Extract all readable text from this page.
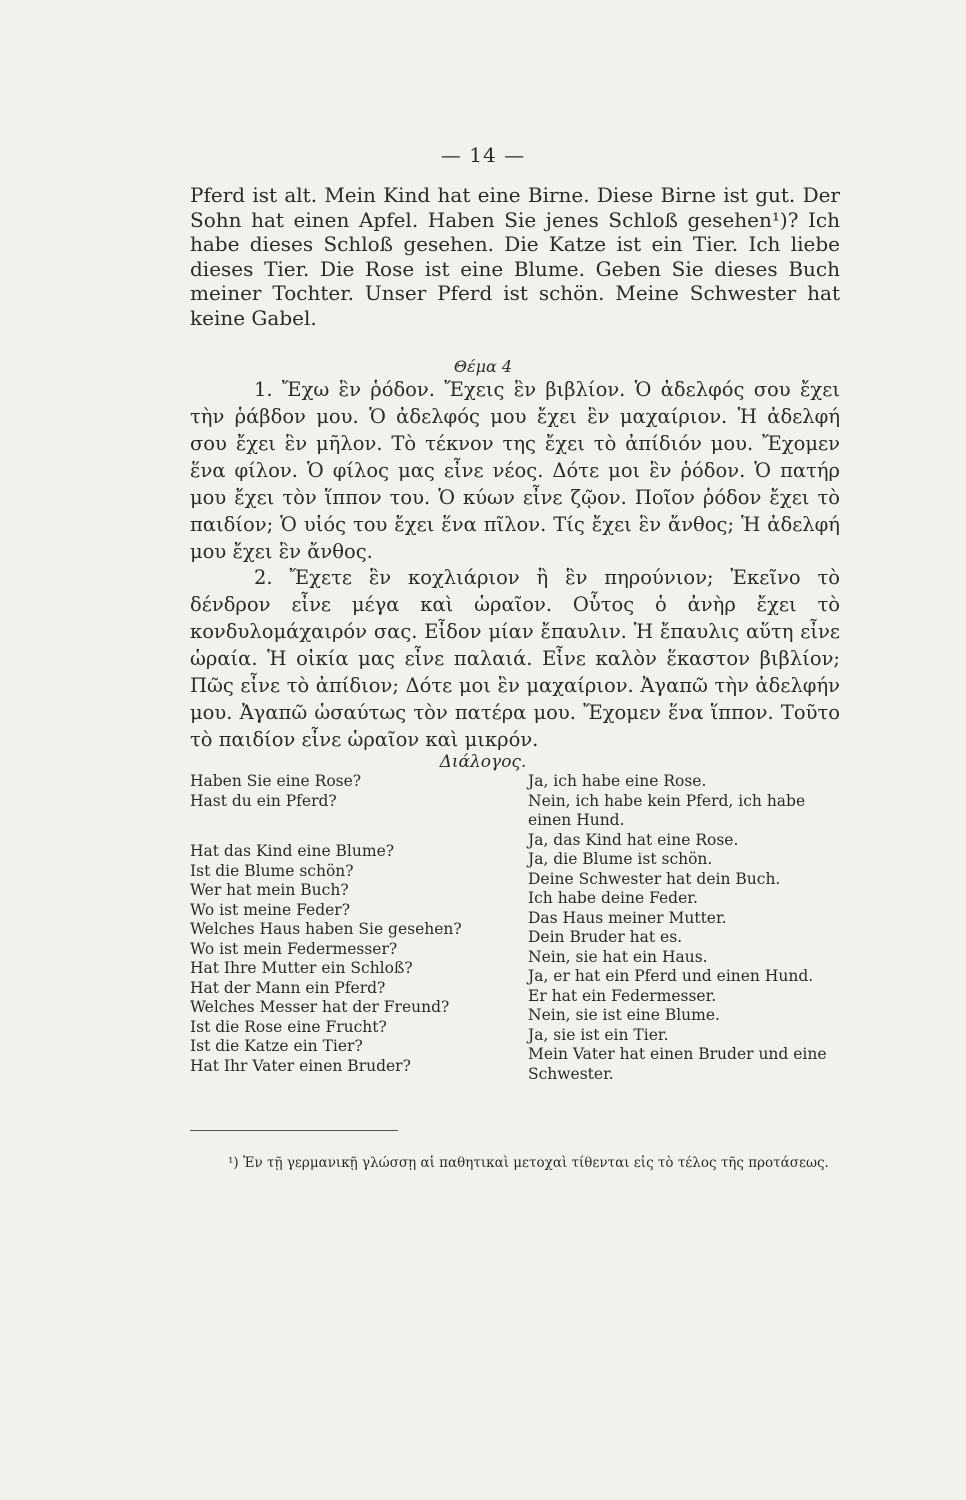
— 14 —
Pferd ist alt. Mein Kind hat eine Birne. Diese Birne ist gut. Der Sohn hat einen Apfel. Haben Sie jenes Schloß gesehen¹)? Ich habe dieses Schloß gesehen. Die Katze ist ein Tier. Ich liebe dieses Tier. Die Rose ist eine Blume. Geben Sie dieses Buch meiner Tochter. Unser Pferd ist schön. Meine Schwester hat keine Gabel.
Θέμα 4
1. Ἔχω ἓν ῥόδον. Ἔχεις ἓν βιβλίον. Ὁ ἀδελφός σου ἔχει τὴν ῥάβδον μου. Ὁ ἀδελφός μου ἔχει ἓν μαχαίριον. Ἡ ἀδελφή σου ἔχει ἓν μῆλον. Τὸ τέκνον της ἔχει τὸ ἀπίδιόν μου. Ἔχομεν ἕνα φίλον. Ὁ φίλος μας εἶνε νέος. Δότε μοι ἓν ῥόδον. Ὁ πατήρ μου ἔχει τὸν ἵππον του. Ὁ κύων εἶνε ζῷον. Ποῖον ῥόδον ἔχει τὸ παιδίον; Ὁ υἱός του ἔχει ἕνα πῖλον. Τίς ἔχει ἓν ἄνθος; Ἡ ἀδελφή μου ἔχει ἓν ἄνθος.
2. Ἔχετε ἓν κοχλιάριον ἢ ἓν πηρούνιον; Ἐκεῖνο τὸ δένδρον εἶνε μέγα καὶ ὡραῖον. Οὗτος ὁ ἀνὴρ ἔχει τὸ κονδυλομάχαιρόν σας. Εἶδον μίαν ἔπαυλιν. Ἡ ἔπαυλις αὕτη εἶνε ὡραία. Ἡ οἰκία μας εἶνε παλαιά. Εἶνε καλὸν ἕκαστον βιβλίον; Πῶς εἶνε τὸ ἀπίδιον; Δότε μοι ἓν μαχαίριον. Ἀγαπῶ τὴν ἀδελφήν μου. Ἀγαπῶ ὡσαύτως τὸν πατέρα μου. Ἔχομεν ἕνα ἵππον. Τοῦτο τὸ παιδίον εἶνε ὡραῖον καὶ μικρόν.
Διάλογος.
Haben Sie eine Rose?
Hast du ein Pferd?
Hat das Kind eine Blume?
Ist die Blume schön?
Wer hat mein Buch?
Wo ist meine Feder?
Welches Haus haben Sie gesehen?
Wo ist mein Federmesser?
Hat Ihre Mutter ein Schloß?
Hat der Mann ein Pferd?
Welches Messer hat der Freund?
Ist die Rose eine Frucht?
Ist die Katze ein Tier?
Hat Ihr Vater einen Bruder?
Ja, ich habe eine Rose.
Nein, ich habe kein Pferd, ich habe einen Hund.
Ja, das Kind hat eine Rose.
Ja, die Blume ist schön.
Deine Schwester hat dein Buch.
Ich habe deine Feder.
Das Haus meiner Mutter.
Dein Bruder hat es.
Nein, sie hat ein Haus.
Ja, er hat ein Pferd und einen Hund.
Er hat ein Federmesser.
Nein, sie ist eine Blume.
Ja, sie ist ein Tier.
Mein Vater hat einen Bruder und eine Schwester.
¹) Ἐν τῇ γερμανικῇ γλώσσῃ αἱ παθητικαὶ μετοχαὶ τίθενται εἰς τὸ τέλος τῆς προτάσεως.
